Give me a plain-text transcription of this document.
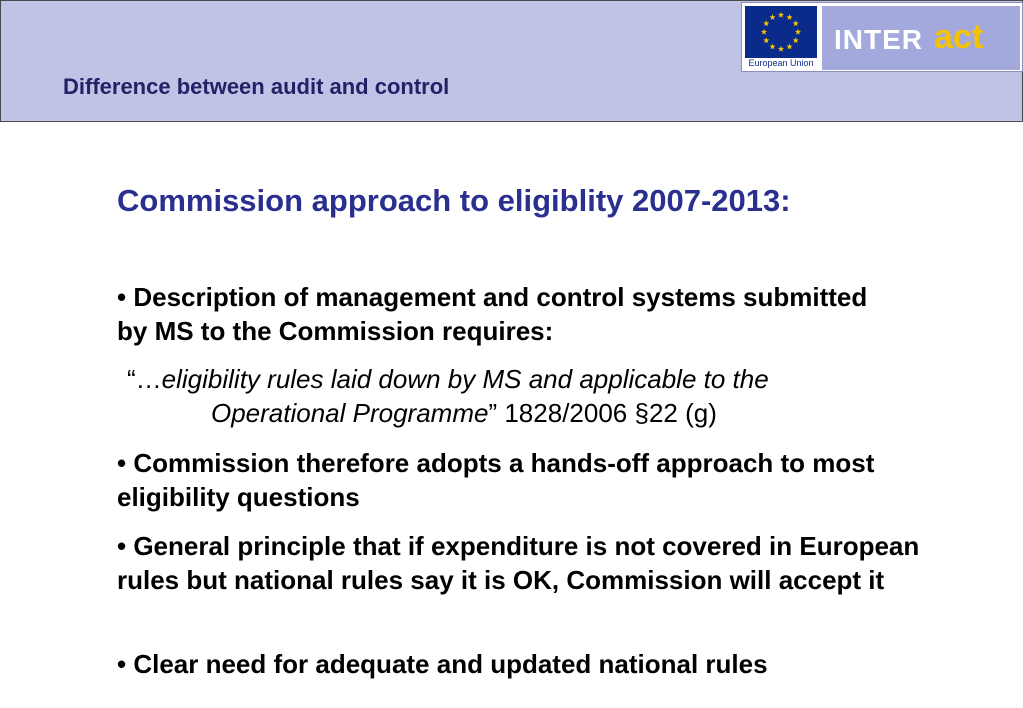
Difference between audit and control
European Union
INTER act
Commission approach to eligiblity 2007-2013:
• Description of management and control systems submitted by MS to the Commission requires:
“…eligibility rules laid down by MS and applicable to the
Operational Programme” 1828/2006 §22 (g)
• Commission therefore adopts a hands-off approach to most eligibility questions
• General principle that if expenditure is not covered in European rules but national rules say it is OK, Commission will accept it
• Clear need for adequate and updated national rules
